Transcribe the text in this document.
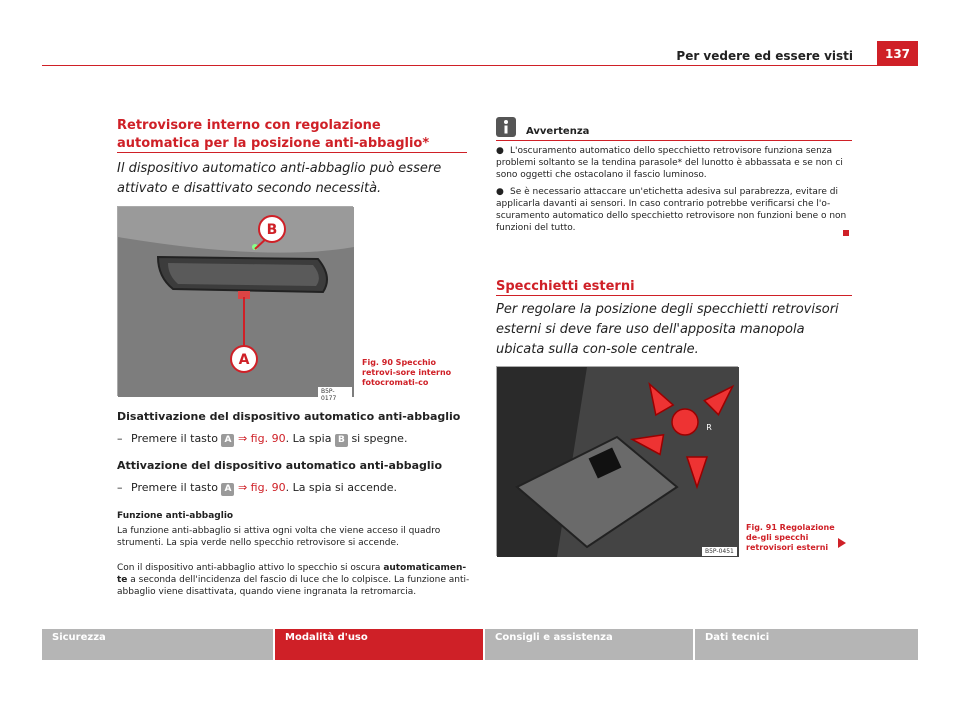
Per vedere ed essere visti	137
Retrovisore interno con regolazione automatica per la posizione anti-abbaglio*
Il dispositivo automatico anti-abbaglio può essere attivato e disattivato secondo necessità.
A
B
B5P-0177
Fig. 90 Specchio retrovi-sore interno fotocromati-co
Disattivazione del dispositivo automatico anti-abbaglio
– Premere il tasto A ⇒ fig. 90. La spia B si spegne.
Attivazione del dispositivo automatico anti-abbaglio
– Premere il tasto A ⇒ fig. 90. La spia si accende.
Funzione anti-abbaglio
La funzione anti-abbaglio si attiva ogni volta che viene acceso il quadro strumenti. La spia verde nello specchio retrovisore si accende.
Con il dispositivo anti-abbaglio attivo lo specchio si oscura automaticamen-te a seconda dell'incidenza del fascio di luce che lo colpisce. La funzione anti-abbaglio viene disattivata, quando viene ingranata la retromarcia.
Avvertenza
● L'oscuramento automatico dello specchietto retrovisore funziona senza problemi soltanto se la tendina parasole* del lunotto è abbassata e se non ci sono oggetti che ostacolano il fascio luminoso.
● Se è necessario attaccare un'etichetta adesiva sul parabrezza, evitare di applicarla davanti ai sensori. In caso contrario potrebbe verificarsi che l'o-scuramento automatico dello specchietto retrovisore non funzioni bene o non funzioni del tutto.
Specchietti esterni
Per regolare la posizione degli specchietti retrovisori esterni si deve fare uso dell'apposita manopola ubicata sulla con-sole centrale.
R
B5P-0451
Fig. 91 Regolazione de-gli specchi retrovisori esterni
Sicurezza	Modalità d'uso	Consigli e assistenza	Dati tecnici
